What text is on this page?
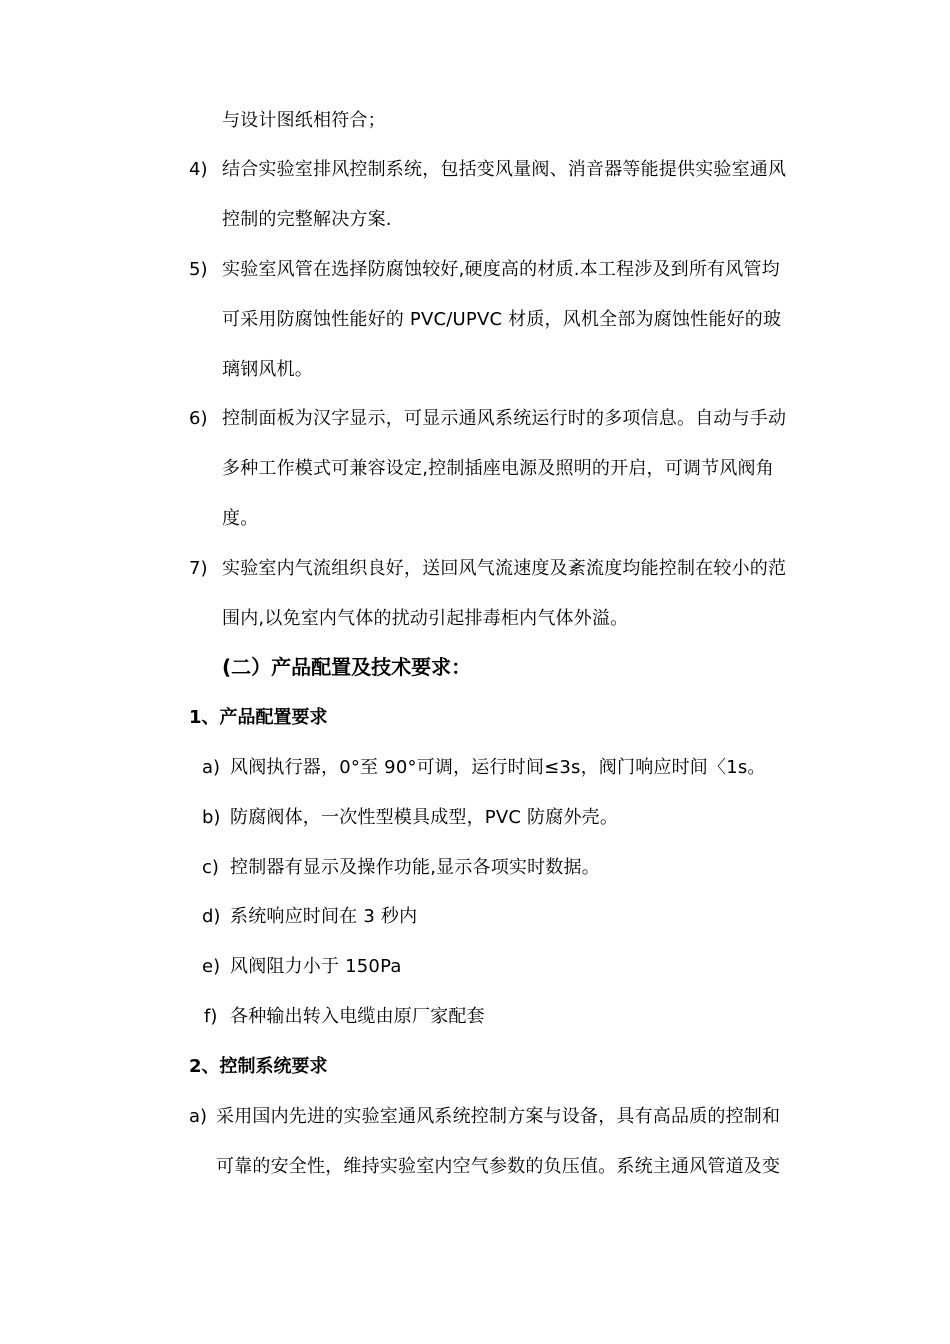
与设计图纸相符合；
4) 结合实验室排风控制系统，包括变风量阀、消音器等能提供实验室通风
控制的完整解决方案.
5) 实验室风管在选择防腐蚀较好,硬度高的材质.本工程涉及到所有风管均
可采用防腐蚀性能好的 PVC/UPVC 材质，风机全部为腐蚀性能好的玻
璃钢风机。
6) 控制面板为汉字显示，可显示通风系统运行时的多项信息。自动与手动
多种工作模式可兼容设定,控制插座电源及照明的开启，可调节风阀角
度。
7) 实验室内气流组织良好，送回风气流速度及紊流度均能控制在较小的范
围内,以免室内气体的扰动引起排毒柜内气体外溢。
(二）产品配置及技术要求：
1、产品配置要求
a) 风阀执行器，0°至 90°可调，运行时间≤3s，阀门响应时间〈1s。
b) 防腐阀体，一次性型模具成型，PVC 防腐外壳。
c) 控制器有显示及操作功能,显示各项实时数据。
d) 系统响应时间在 3 秒内
e) 风阀阻力小于 150Pa
f) 各种输出转入电缆由原厂家配套
2、控制系统要求
a) 采用国内先进的实验室通风系统控制方案与设备，具有高品质的控制和
可靠的安全性，维持实验室内空气参数的负压值。系统主通风管道及变
